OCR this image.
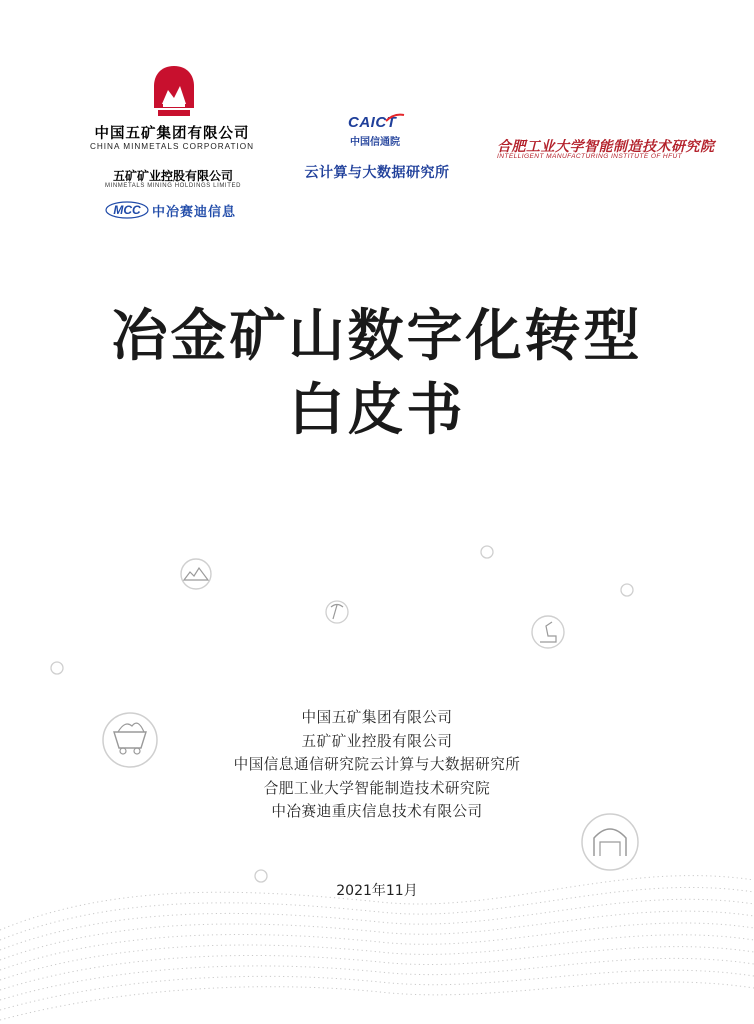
中国五矿集团有限公司
CHINA MINMETALS CORPORATION
五矿矿业控股有限公司
MINMETALS MINING HOLDINGS LIMITED
MCC 中冶赛迪信息
CAICT
中国信通院
云计算与大数据研究所
合肥工业大学智能制造技术研究院
INTELLIGENT MANUFACTURING INSTITUTE OF HFUT
冶金矿山数字化转型
白皮书
中国五矿集团有限公司
五矿矿业控股有限公司
中国信息通信研究院云计算与大数据研究所
合肥工业大学智能制造技术研究院
中冶赛迪重庆信息技术有限公司
2021年11月
